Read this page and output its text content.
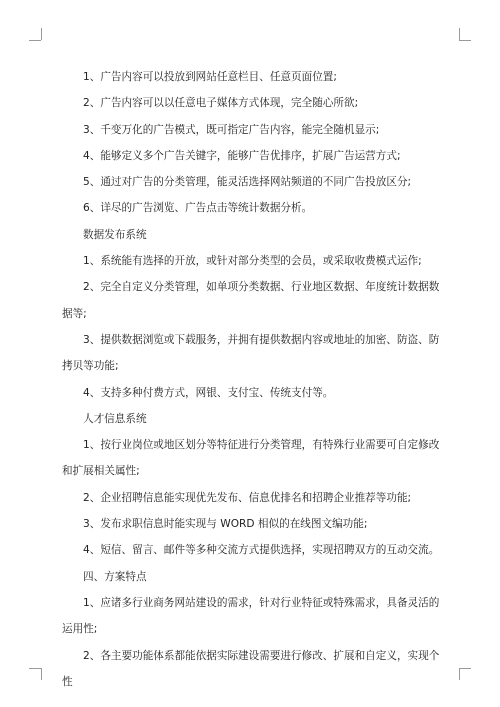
1、广告内容可以投放到网站任意栏目、任意页面位置;

2、广告内容可以以任意电子媒体方式体现，完全随心所欲;

3、千变万化的广告模式，既可指定广告内容，能完全随机显示;

4、能够定义多个广告关键字，能够广告优排序，扩展广告运营方式;

5、通过对广告的分类管理，能灵活选择网站频道的不同广告投放区分;

6、详尽的广告浏览、广告点击等统计数据分析。

数据发布系统

1、系统能有选择的开放，或针对部分类型的会员，或采取收费模式运作;

2、完全自定义分类管理，如单项分类数据、行业地区数据、年度统计数据数据等;

3、提供数据浏览或下载服务，并拥有提供数据内容或地址的加密、防盗、防拷贝等功能;

4、支持多种付费方式，网银、支付宝、传统支付等。

人才信息系统

1、按行业岗位或地区划分等特征进行分类管理，有特殊行业需要可自定修改和扩展相关属性;

2、企业招聘信息能实现优先发布、信息优排名和招聘企业推荐等功能;

3、发布求职信息时能实现与 WORD 相似的在线图文编功能;

4、短信、留言、邮件等多种交流方式提供选择，实现招聘双方的互动交流。

四、方案特点

1、应诸多行业商务网站建设的需求，针对行业特征或特殊需求，具备灵活的运用性;

2、各主要功能体系都能依据实际建设需要进行修改、扩展和自定义，实现个性
